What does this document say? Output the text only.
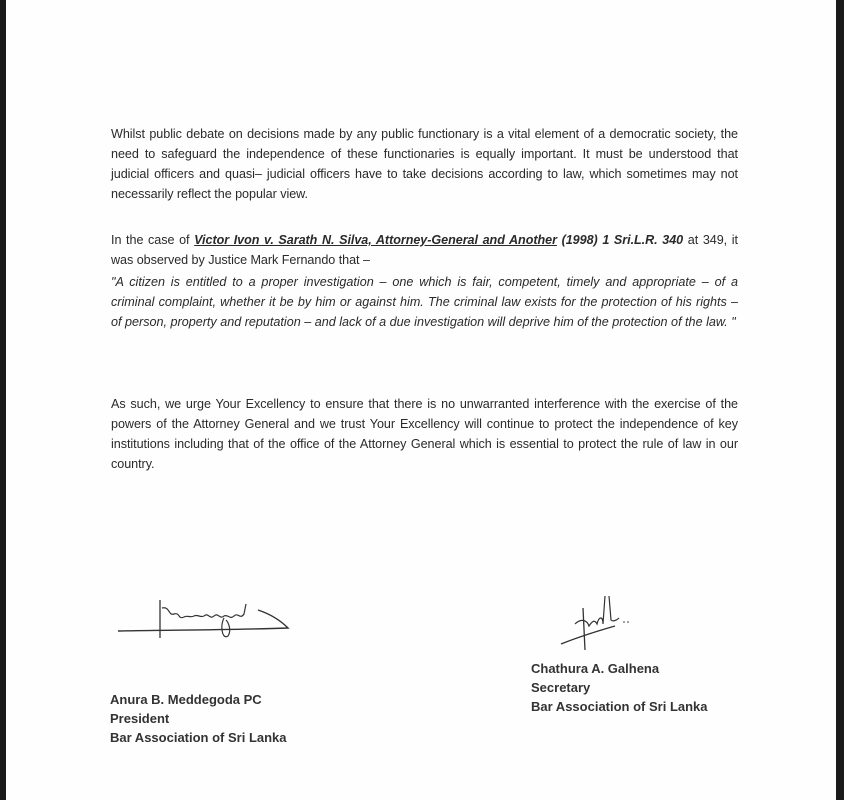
Whilst public debate on decisions made by any public functionary is a vital element of a democratic society, the need to safeguard the independence of these functionaries is equally important. It must be understood that judicial officers and quasi– judicial officers have to take decisions according to law, which sometimes may not necessarily reflect the popular view.

In the case of Victor Ivon v. Sarath N. Silva, Attorney-General and Another (1998) 1 Sri.L.R. 340 at 349, it was observed by Justice Mark Fernando that –

"A citizen is entitled to a proper investigation – one which is fair, competent, timely and appropriate – of a criminal complaint, whether it be by him or against him. The criminal law exists for the protection of his rights – of person, property and reputation – and lack of a due investigation will deprive him of the protection of the law. "

As such, we urge Your Excellency to ensure that there is no unwarranted interference with the exercise of the powers of the Attorney General and we trust Your Excellency will continue to protect the independence of key institutions including that of the office of the Attorney General which is essential to protect the rule of law in our country.

Anura B. Meddegoda PC
President
Bar Association of Sri Lanka
Chathura A. Galhena
Secretary
Bar Association of Sri Lanka
